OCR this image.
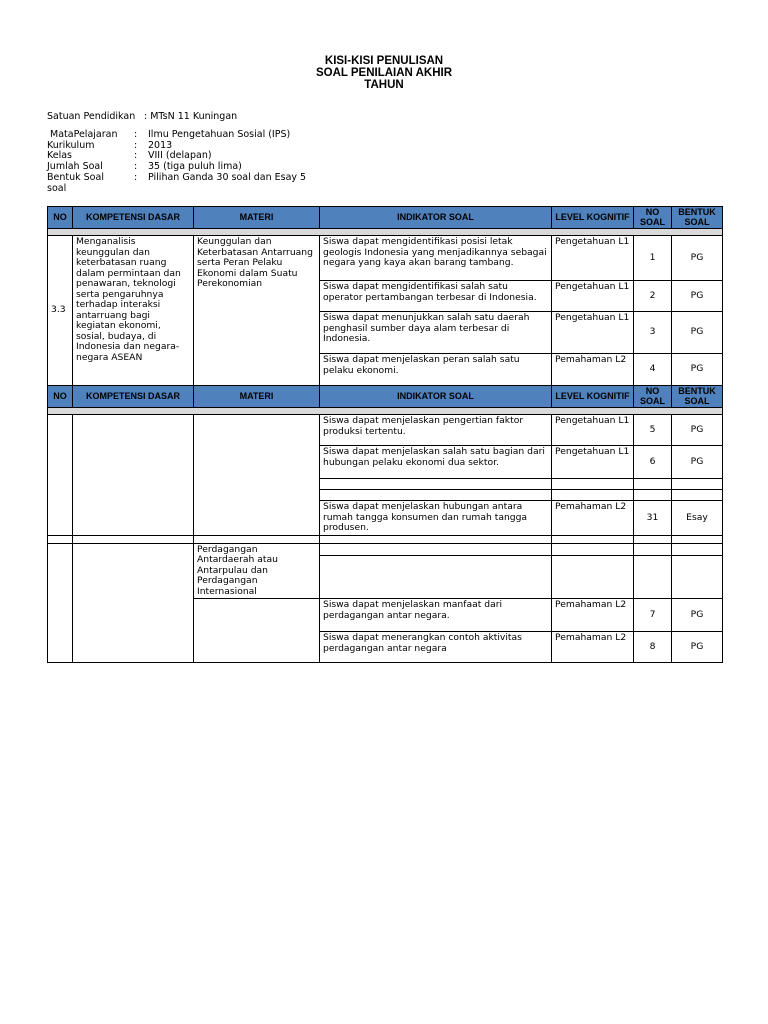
KISI-KISI PENULISAN
SOAL PENILAIAN AKHIR
TAHUN
Satuan Pendidikan : MTsN 11 Kuningan
MataPelajaran : Ilmu Pengetahuan Sosial (IPS)
Kurikulum	: 2013
Kelas	: VIII (delapan)
Jumlah Soal	: 35 (tiga puluh lima)
Bentuk Soal	: Pilihan Ganda 30 soal dan Esay 5
soal
NO	KOMPETENSI DASAR	MATERI	INDIKATOR SOAL	LEVEL KOGNITIF	NO SOAL	BENTUK SOAL

3.3	Menganalisis keunggulan dan keterbatasan ruang dalam permintaan dan penawaran, teknologi serta pengaruhnya terhadap interaksi antarruang bagi kegiatan ekonomi, sosial, budaya, di Indonesia dan negara-negara ASEAN	Keunggulan dan Keterbatasan Antarruang serta Peran Pelaku Ekonomi dalam Suatu Perekonomian	Siswa dapat mengidentifikasi posisi letak geologis Indonesia yang menjadikannya sebagai negara yang kaya akan barang tambang.	Pengetahuan L1	1	PG
			Siswa dapat mengidentifikasi salah satu operator pertambangan terbesar di Indonesia.	Pengetahuan L1	2	PG
			Siswa dapat menunjukkan salah satu daerah penghasil sumber daya alam terbesar di Indonesia.	Pengetahuan L1	3	PG
			Siswa dapat menjelaskan peran salah satu pelaku ekonomi.	Pemahaman L2	4	PG
NO	KOMPETENSI DASAR	MATERI	INDIKATOR SOAL	LEVEL KOGNITIF	NO SOAL	BENTUK SOAL

			Siswa dapat menjelaskan pengertian faktor produksi tertentu.	Pengetahuan L1	5	PG
			Siswa dapat menjelaskan salah satu bagian dari hubungan pelaku ekonomi dua sektor.	Pengetahuan L1	6	PG

			Siswa dapat menjelaskan hubungan antara rumah tangga konsumen dan rumah tangga produsen.	Pemahaman L2	31	Esay

		Perdagangan Antardaerah atau Antarpulau dan Perdagangan Internasional				

			Siswa dapat menjelaskan manfaat dari perdagangan antar negara.	Pemahaman L2	7	PG
			Siswa dapat menerangkan contoh aktivitas perdagangan antar negara	Pemahaman L2	8	PG
